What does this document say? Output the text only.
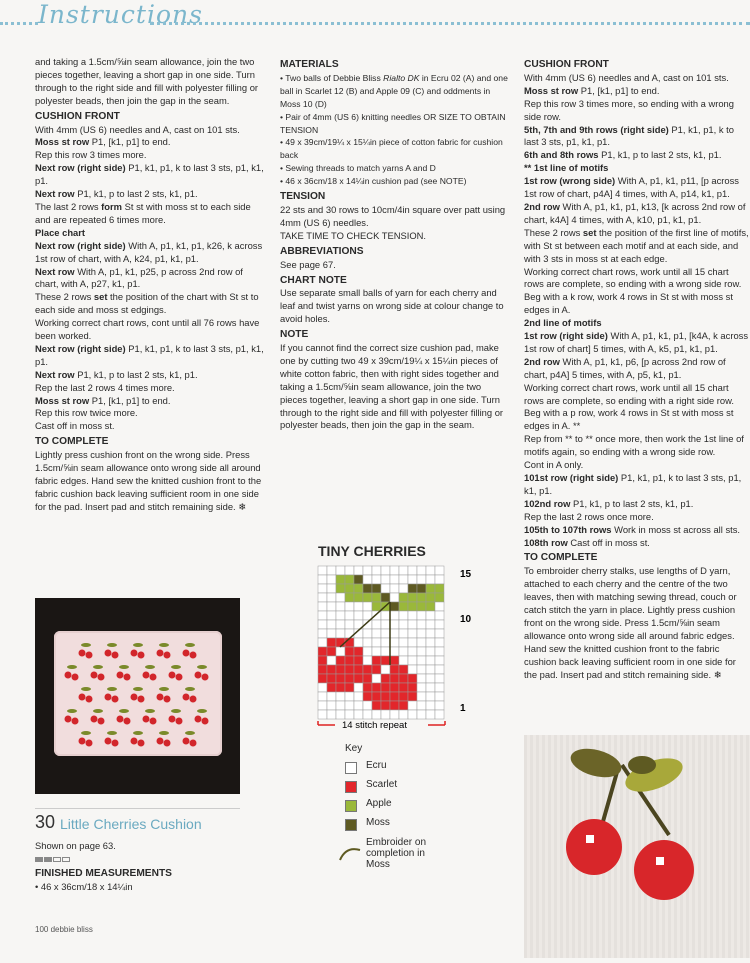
Instructions

and taking a 1.5cm/⅝in seam allowance, join the two pieces together, leaving a short gap in one side. Turn through to the right side and fill with polyester filling or polyester beads, then join the gap in the seam.

CUSHION FRONT

With 4mm (US 6) needles and A, cast on 101 sts.

Moss st row P1, [k1, p1] to end.

Rep this row 3 times more.

Next row (right side) P1, k1, p1, k to last 3 sts, p1, k1, p1.

Next row P1, k1, p to last 2 sts, k1, p1.

The last 2 rows form St st with moss st to each side and are repeated 6 times more.

Place chart

Next row (right side) With A, p1, k1, p1, k26, k across 1st row of chart, with A, k24, p1, k1, p1.

Next row With A, p1, k1, p25, p across 2nd row of chart, with A, p27, k1, p1.

These 2 rows set the position of the chart with St st to each side and moss st edgings.

Working correct chart rows, cont until all 76 rows have been worked.

Next row (right side) P1, k1, p1, k to last 3 sts, p1, k1, p1.

Next row P1, k1, p to last 2 sts, k1, p1.

Rep the last 2 rows 4 times more.

Moss st row P1, [k1, p1] to end.

Rep this row twice more.

Cast off in moss st.

TO COMPLETE

Lightly press cushion front on the wrong side. Press 1.5cm/⅝in seam allowance onto wrong side all around fabric edges. Hand sew the knitted cushion front to the fabric cushion back leaving sufficient room in one side for the pad. Insert pad and stitch remaining side. ❄

30 Little Cherries Cushion

Shown on page 63.

FINISHED MEASUREMENTS

• 46 x 36cm/18 x 14¼in

100 debbie bliss

MATERIALS

• Two balls of Debbie Bliss Rialto DK in Ecru 02 (A) and one ball in Scarlet 12 (B) and Apple 09 (C) and oddments in Moss 10 (D)

• Pair of 4mm (US 6) knitting needles OR SIZE TO OBTAIN TENSION

• 49 x 39cm/19¼ x 15¼in piece of cotton fabric for cushion back

• Sewing threads to match yarns A and D

• 46 x 36cm/18 x 14¼in cushion pad (see NOTE)

TENSION

22 sts and 30 rows to 10cm/4in square over patt using 4mm (US 6) needles.

TAKE TIME TO CHECK TENSION.

ABBREVIATIONS

See page 67.

CHART NOTE

Use separate small balls of yarn for each cherry and leaf and twist yarns on wrong side at colour change to avoid holes.

NOTE

If you cannot find the correct size cushion pad, make one by cutting two 49 x 39cm/19¼ x 15¼in pieces of white cotton fabric, then with right sides together and taking a 1.5cm/⅝in seam allowance, join the two pieces together, leaving a short gap in one side. Turn through to the right side and fill with polyester filling or polyester beads, then join the gap in the seam.

TINY CHERRIES
15
10
1
14 stitch repeat
Key
Ecru
Scarlet
Apple
Moss
Embroider on completion in Moss

CUSHION FRONT

With 4mm (US 6) needles and A, cast on 101 sts.

Moss st row P1, [k1, p1] to end.

Rep this row 3 times more, so ending with a wrong side row.

5th, 7th and 9th rows (right side) P1, k1, p1, k to last 3 sts, p1, k1, p1.

6th and 8th rows P1, k1, p to last 2 sts, k1, p1.

** 1st line of motifs

1st row (wrong side) With A, p1, k1, p11, [p across 1st row of chart, p4A] 4 times, with A, p14, k1, p1.

2nd row With A, p1, k1, p1, k13, [k across 2nd row of chart, k4A] 4 times, with A, k10, p1, k1, p1.

These 2 rows set the position of the first line of motifs, with St st between each motif and at each side, and with 3 sts in moss st at each edge.

Working correct chart rows, work until all 15 chart rows are complete, so ending with a wrong side row.

Beg with a k row, work 4 rows in St st with moss st edges in A.

2nd line of motifs

1st row (right side) With A, p1, k1, p1, [k4A, k across 1st row of chart] 5 times, with A, k5, p1, k1, p1.

2nd row With A, p1, k1, p6, [p across 2nd row of chart, p4A] 5 times, with A, p5, k1, p1.

Working correct chart rows, work until all 15 chart rows are complete, so ending with a right side row.

Beg with a p row, work 4 rows in St st with moss st edges in A. **

Rep from ** to ** once more, then work the 1st line of motifs again, so ending with a wrong side row.

Cont in A only.

101st row (right side) P1, k1, p1, k to last 3 sts, p1, k1, p1.

102nd row P1, k1, p to last 2 sts, k1, p1.

Rep the last 2 rows once more.

105th to 107th rows Work in moss st across all sts.

108th row Cast off in moss st.

TO COMPLETE

To embroider cherry stalks, use lengths of D yarn, attached to each cherry and the centre of the two leaves, then with matching sewing thread, couch or catch stitch the yarn in place. Lightly press cushion front on the wrong side. Press 1.5cm/⅝in seam allowance onto wrong side all around fabric edges. Hand sew the knitted cushion front to the fabric cushion back leaving sufficient room in one side for the pad. Insert pad and stitch remaining side. ❄
